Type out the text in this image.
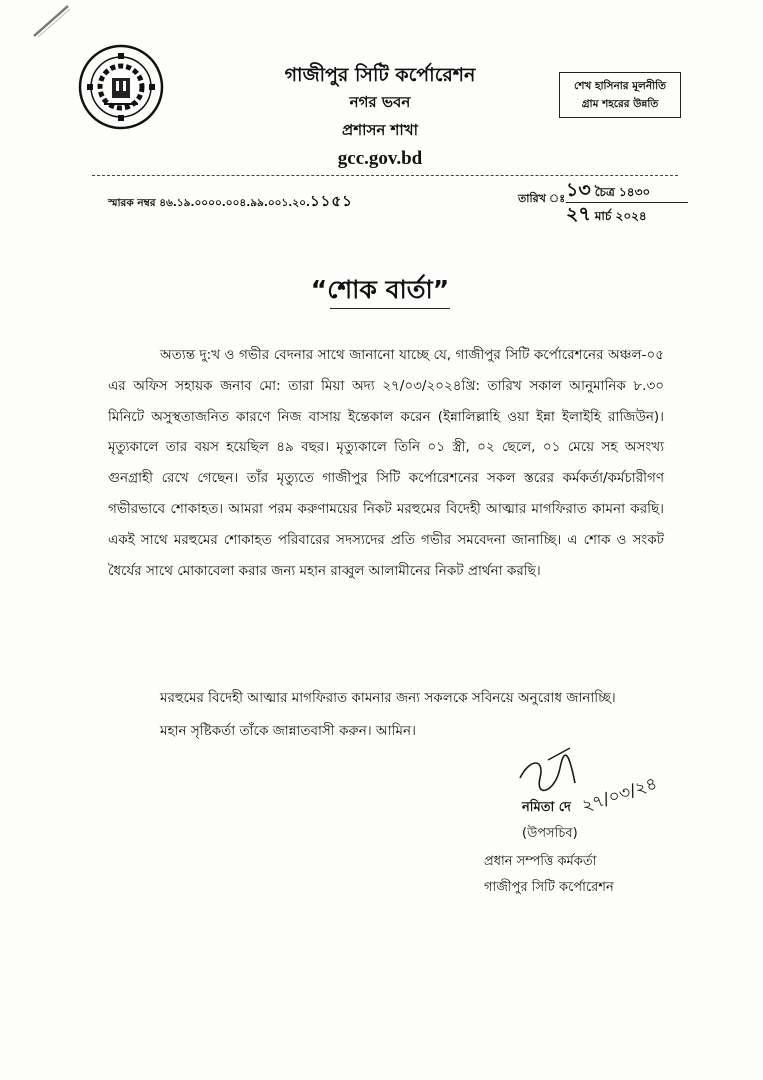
গাজীপুর সিটি কর্পোরেশন
নগর ভবন
প্রশাসন শাখা
gcc.gov.bd
শেখ হাসিনার মূলনীতি
গ্রাম শহরের উন্নতি
স্মারক নম্বর ৪৬.১৯.০০০০.০০৪.৯৯.০০১.২০.১১৫১	তারিখ ঃ ১৩ চৈত্র ১৪৩০
২৭ মার্চ ২০২৪
“শোক বার্তা”

অত্যন্ত দু:খ ও গভীর বেদনার সাথে জানানো যাচ্ছে যে, গাজীপুর সিটি কর্পোরেশনের অঞ্চল-০৫ এর অফিস সহায়ক জনাব মো: তারা মিয়া অদ্য ২৭/০৩/২০২৪খ্রি: তারিখ সকাল আনুমানিক ৮.৩০ মিনিটে অসুস্থতাজনিত কারণে নিজ বাসায় ইন্তেকাল করেন (ইন্নালিল্লাহি ওয়া ইন্না ইলাইহি রাজিউন)। মৃত্যুকালে তার বয়স হয়েছিল ৪৯ বছর। মৃত্যুকালে তিনি ০১ স্ত্রী, ০২ ছেলে, ০১ মেয়ে সহ অসংখ্য গুনগ্রাহী রেখে গেছেন। তাঁর মৃত্যুতে গাজীপুর সিটি কর্পোরেশনের সকল স্তরের কর্মকর্তা/কর্মচারীগণ গভীরভাবে শোকাহত। আমরা পরম করুণাময়ের নিকট মরহুমের বিদেহী আত্মার মাগফিরাত কামনা করছি। একই সাথে মরহুমের শোকাহত পরিবারের সদস্যদের প্রতি গভীর সমবেদনা জানাচ্ছি। এ শোক ও সংকট ধৈর্যের সাথে মোকাবেলা করার জন্য মহান রাব্বুল আলামীনের নিকট প্রার্থনা করছি।

মরহুমের বিদেহী আত্মার মাগফিরাত কামনার জন্য সকলকে সবিনয়ে অনুরোধ জানাচ্ছি।

মহান সৃষ্টিকর্তা তাঁকে জান্নাতবাসী করুন। আমিন।

২৭/০৩/২৪
নমিতা দে
(উপসচিব)
প্রধান সম্পত্তি কর্মকর্তা
গাজীপুর সিটি কর্পোরেশন
